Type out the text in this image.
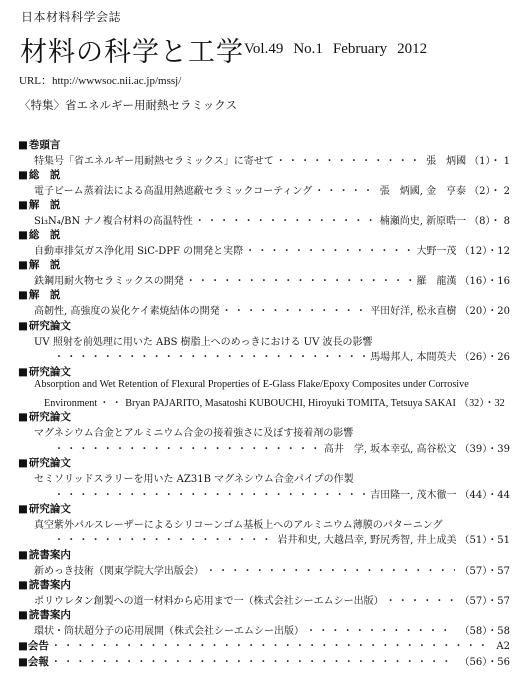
日本材料科学会誌
材料の科学と工学 Vol.49 No.1 February 2012
URL：http://wwwsoc.nii.ac.jp/mssj/
〈特集〉省エネルギー用耐熱セラミックス
■ 巻頭言
特集号「省エネルギー用耐熱セラミックス」に寄せて ・・・・・・・・・・・・・・・・・・・・・・・・・・・・・・・・・・・・・・・・・・・・・・・・・・・・・・・・・・・・・・	張　炳國 （1）・ 1
■ 総　説
電子ビーム蒸着法による高温用熱遮蔽セラミックコーティング ・・・・・・・・・・・・・・・・・・・・・・・・・・・・・・・・・・・・・・・・・・・・・・・・・・・・・・・・・・・・・・	張　炳國, 金　亨泰 （2）・ 2
■ 解　説
Si₃N₄/BN ナノ複合材料の高温特性 ・・・・・・・・・・・・・・・・・・・・・・・・・・・・・・・・・・・・・・・・・・・・・・・・・・・・・・・・・・・・・・	楠瀬尚史, 新原晧一 （8）・ 8
■ 総　説
自動車排気ガス浄化用 SiC-DPF の開発と実際 ・・・・・・・・・・・・・・・・・・・・・・・・・・・・・・・・・・・・・・・・・・・・・・・・・・・・・・・・・・・・・・	大野一茂 （12）・12
■ 解　説
鉄鋼用耐火物セラミックスの開発 ・・・・・・・・・・・・・・・・・・・・・・・・・・・・・・・・・・・・・・・・・・・・・・・・・・・・・・・・・・・・・・	羅　龍漢 （16）・16
■ 解　説
高韌性, 高強度の炭化ケイ素焼結体の開発 ・・・・・・・・・・・・・・・・・・・・・・・・・・・・・・・・・・・・・・・・・・・・・・・・・・・・・・・・・・・・・・	平田好洋, 松永直樹 （20）・20
■ 研究論文
UV 照射を前処理に用いた ABS 樹脂上へのめっきにおける UV 波長の影響
・・・・・・・・・・・・・・・・・・・・・・・・・・・・・・・・・・・・・・・・・・・・・・・・・・・・・・・・・・・・・・
馬場邦人, 本間英夫 （26）・26
■ 研究論文
Absorption and Wet Retention of Flexural Properties of E-Glass Flake/Epoxy Composites under Corrosive
Environment ・・・・・・・・・・・・・・・・・・・・・・・・・・・・・・・・・・・・・・・・・・・・・・・・・・・・・・・・・・・・・・	Bryan PAJARITO, Masatoshi KUBOUCHI, Hiroyuki TOMITA, Tetsuya SAKAI （32）・32
■ 研究論文
マグネシウム合金とアルミニウム合金の接着強さに及ぼす接着剤の影響
・・・・・・・・・・・・・・・・・・・・・・・・・・・・・・・・・・・・・・・・・・・・・・・・・・・・・・・・・・・・・・
高井　学, 坂本幸弘, 高谷松文 （39）・39
■ 研究論文
セミソリッドスラリーを用いた AZ31B マグネシウム合金パイプの作製
・・・・・・・・・・・・・・・・・・・・・・・・・・・・・・・・・・・・・・・・・・・・・・・・・・・・・・・・・・・・・・
吉田隆一, 茂木徹一 （44）・44
■ 研究論文
真空紫外パルスレーザーによるシリコーンゴム基板上へのアルミニウム薄膜のパターニング
・・・・・・・・・・・・・・・・・・・・・・・・・・・・・・・・・・・・・・・・・・・・・・・・・・・・・・・・・・・・・・
岩井和史, 大越昌幸, 野尻秀智, 井上成美 （51）・51
■ 読書案内
新めっき技術（関東学院大学出版会） ・・・・・・・・・・・・・・・・・・・・・・・・・・・・・・・・・・・・・・・・・・・・・・・・・・・・・・・・・・・・・・	（57）・57
■ 読書案内
ポリウレタン創製への道一材料から応用まで一（株式会社シーエムシー出版） ・・・・・・・・・・・・・・・・・・・・・・・・・・・・・・・・・・・・・・・・・・・・・・・・・・・・・・・・・・・・・・	（57）・57
■ 読書案内
環状・筒状超分子の応用展開（株式会社シーエムシー出版） ・・・・・・・・・・・・・・・・・・・・・・・・・・・・・・・・・・・・・・・・・・・・・・・・・・・・・・・・・・・・・・	（58）・58
■会告 ・・・・・・・・・・・・・・・・・・・・・・・・・・・・・・・・・・・・・・・・・・・・・・・・・・・・・・・・・・・・・・	A2
■会報 ・・・・・・・・・・・・・・・・・・・・・・・・・・・・・・・・・・・・・・・・・・・・・・・・・・・・・・・・・・・・・・	（56）・56
